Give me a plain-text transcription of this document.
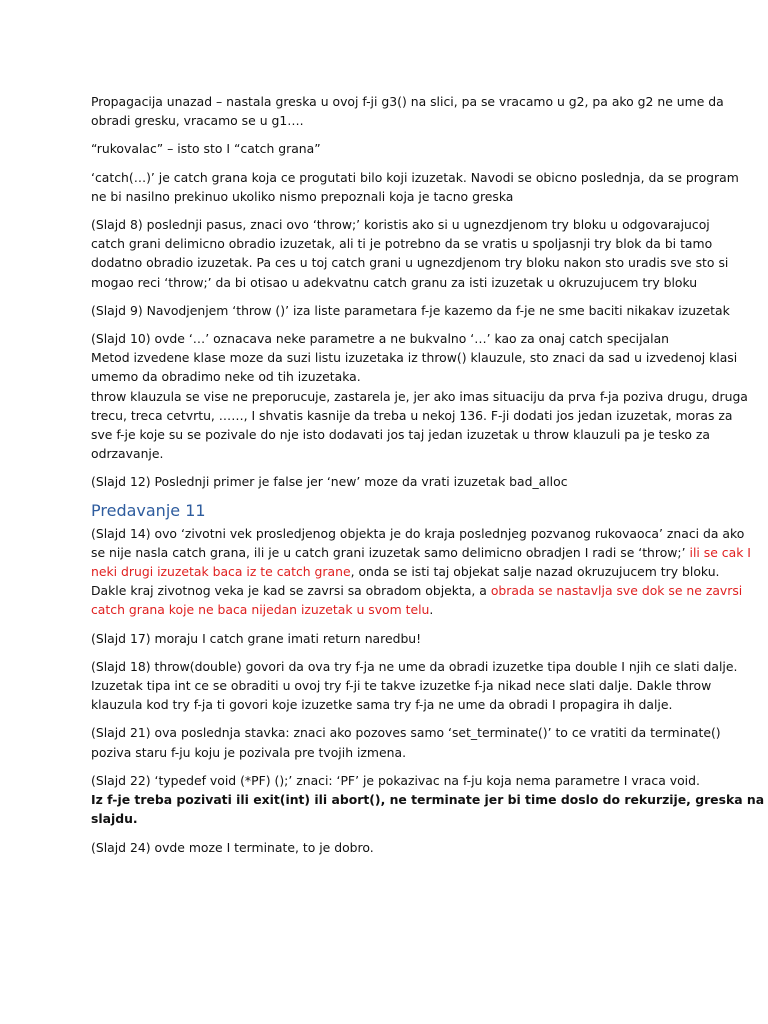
Propagacija unazad – nastala greska u ovoj f-ji g3() na slici, pa se vracamo u g2, pa ako g2 ne ume da
obradi gresku, vracamo se u g1….

“rukovalac” – isto sto I “catch grana”

‘catch(…)’ je catch grana koja ce progutati bilo koji izuzetak. Navodi se obicno poslednja, da se program
ne bi nasilno prekinuo ukoliko nismo prepoznali koja je tacno greska

(Slajd 8) poslednji pasus, znaci ovo ‘throw;’ koristis ako si u ugnezdjenom try bloku u odgovarajucoj
catch grani delimicno obradio izuzetak, ali ti je potrebno da se vratis u spoljasnji try blok da bi tamo
dodatno obradio izuzetak. Pa ces u toj catch grani u ugnezdjenom try bloku nakon sto uradis sve sto si
mogao reci ‘throw;’ da bi otisao u adekvatnu catch granu za isti izuzetak u okruzujucem try bloku

(Slajd 9) Navodjenjem ‘throw ()’ iza liste parametara f-je kazemo da f-je ne sme baciti nikakav izuzetak

(Slajd 10) ovde ‘…’ oznacava neke parametre a ne bukvalno ‘…’ kao za onaj catch specijalan
Metod izvedene klase moze da suzi listu izuzetaka iz throw() klauzule, sto znaci da sad u izvedenoj klasi
umemo da obradimo neke od tih izuzetaka.
throw klauzula se vise ne preporucuje, zastarela je, jer ako imas situaciju da prva f-ja poziva drugu, druga
trecu, treca cetvrtu, ……, I shvatis kasnije da treba u nekoj 136. F-ji dodati jos jedan izuzetak, moras za
sve f-je koje su se pozivale do nje isto dodavati jos taj jedan izuzetak u throw klauzuli pa je tesko za
odrzavanje.

(Slajd 12) Poslednji primer je false jer ‘new’ moze da vrati izuzetak bad_alloc

Predavanje 11

(Slajd 14) ovo ‘zivotni vek prosledjenog objekta je do kraja poslednjeg pozvanog rukovaoca’ znaci da ako
se nije nasla catch grana, ili je u catch grani izuzetak samo delimicno obradjen I radi se ‘throw;’ ili se cak I
neki drugi izuzetak baca iz te catch grane, onda se isti taj objekat salje nazad okruzujucem try bloku.
Dakle kraj zivotnog veka je kad se zavrsi sa obradom objekta, a obrada se nastavlja sve dok se ne zavrsi
catch grana koje ne baca nijedan izuzetak u svom telu.

(Slajd 17) moraju I catch grane imati return naredbu!

(Slajd 18) throw(double) govori da ova try f-ja ne ume da obradi izuzetke tipa double I njih ce slati dalje.
Izuzetak tipa int ce se obraditi u ovoj try f-ji te takve izuzetke f-ja nikad nece slati dalje. Dakle throw
klauzula kod try f-ja ti govori koje izuzetke sama try f-ja ne ume da obradi I propagira ih dalje.

(Slajd 21) ova poslednja stavka: znaci ako pozoves samo ‘set_terminate()’ to ce vratiti da terminate()
poziva staru f-ju koju je pozivala pre tvojih izmena.

(Slajd 22) ‘typedef void (*PF) ();’ znaci: ‘PF’ je pokazivac na f-ju koja nema parametre I vraca void.
Iz f-je treba pozivati ili exit(int) ili abort(), ne terminate jer bi time doslo do rekurzije, greska na
slajdu.

(Slajd 24) ovde moze I terminate, to je dobro.
